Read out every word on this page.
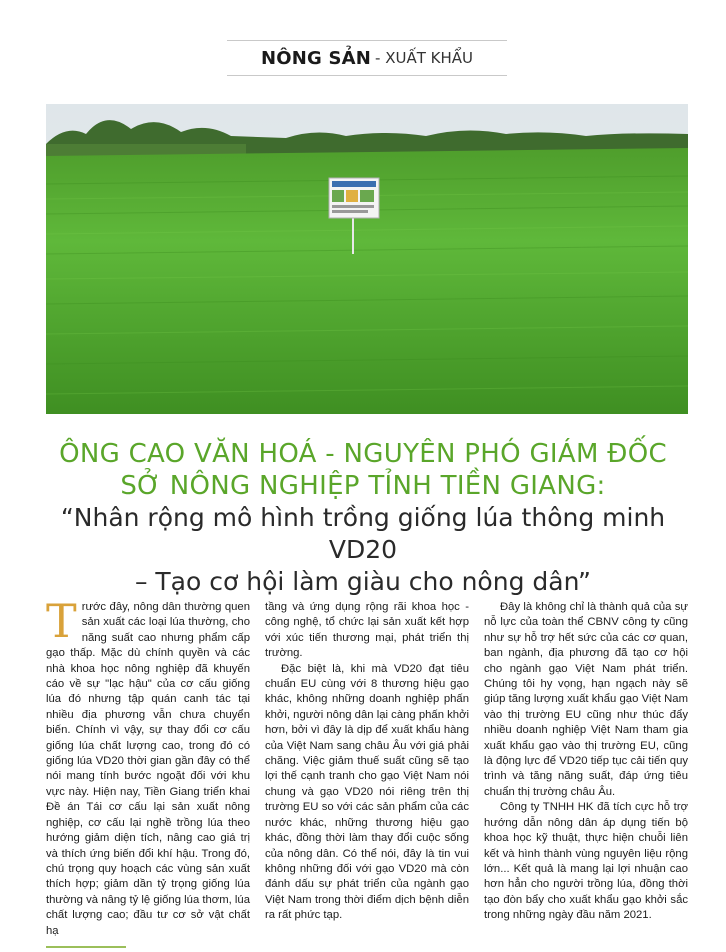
NÔNG SẢN - XUẤT KHẨU
ÔNG CAO VĂN HOÁ - NGUYÊN PHÓ GIÁM ĐỐC
SỞ NÔNG NGHIỆP TỈNH TIỀN GIANG:
“Nhân rộng mô hình trồng giống lúa thông minh VD20
– Tạo cơ hội làm giàu cho nông dân”

Trước đây, nông dân thường quen sản xuất các loại lúa thường, cho năng suất cao nhưng phẩm cấp gạo thấp. Mặc dù chính quyền và các nhà khoa học nông nghiệp đã khuyến cáo về sự "lạc hậu" của cơ cấu giống lúa đó nhưng tập quán canh tác tại nhiều địa phương vẫn chưa chuyển biến. Chính vì vậy, sự thay đổi cơ cấu giống lúa chất lượng cao, trong đó có giống lúa VD20 thời gian gần đây có thể nói mang tính bước ngoặt đối với khu vực này. Hiện nay, Tiền Giang triển khai Đề án Tái cơ cấu lại sản xuất nông nghiệp, cơ cấu lại nghề trồng lúa theo hướng giảm diện tích, nâng cao giá trị và thích ứng biến đổi khí hậu. Trong đó, chú trọng quy hoạch các vùng sản xuất thích hợp; giảm dần tỷ trọng giống lúa thường và nâng tỷ lệ giống lúa thơm, lúa chất lượng cao; đầu tư cơ sở vật chất hạ

tầng và ứng dụng rộng rãi khoa học - công nghệ, tổ chức lại sản xuất kết hợp với xúc tiến thương mại, phát triển thị trường.

Đặc biệt là, khi mà VD20 đạt tiêu chuẩn EU cùng với 8 thương hiệu gạo khác, không những doanh nghiệp phấn khởi, người nông dân lại càng phấn khởi hơn, bởi vì đây là dịp để xuất khẩu hàng của Việt Nam sang châu Âu với giá phải chăng. Việc giảm thuế suất cũng sẽ tạo lợi thế cạnh tranh cho gạo Việt Nam nói chung và gạo VD20 nói riêng trên thị trường EU so với các sản phẩm của các nước khác, những thương hiệu gạo khác, đồng thời làm thay đổi cuộc sống của nông dân. Có thể nói, đây là tin vui không những đối với gạo VD20 mà còn đánh dấu sự phát triển của ngành gạo Việt Nam trong thời điểm dịch bệnh diễn ra rất phức tạp.

Đây là không chỉ là thành quả của sự nỗ lực của toàn thể CBNV công ty cũng như sự hỗ trợ hết sức của các cơ quan, ban ngành, địa phương đã tạo cơ hội cho ngành gạo Việt Nam phát triển. Chúng tôi hy vọng, hạn ngạch này sẽ giúp tăng lượng xuất khẩu gạo Việt Nam vào thị trường EU cũng như thúc đẩy nhiều doanh nghiệp Việt Nam tham gia xuất khẩu gạo vào thị trường EU, cũng là động lực để VD20 tiếp tục cải tiến quy trình và tăng năng suất, đáp ứng tiêu chuẩn thị trường châu Âu.

Công ty TNHH HK đã tích cực hỗ trợ hướng dẫn nông dân áp dụng tiến bộ khoa học kỹ thuật, thực hiện chuỗi liên kết và hình thành vùng nguyên liệu rộng lớn... Kết quả là mang lại lợi nhuận cao hơn hẳn cho người trồng lúa, đồng thời tạo đòn bẩy cho xuất khẩu gạo khởi sắc trong những ngày đầu năm 2021.
